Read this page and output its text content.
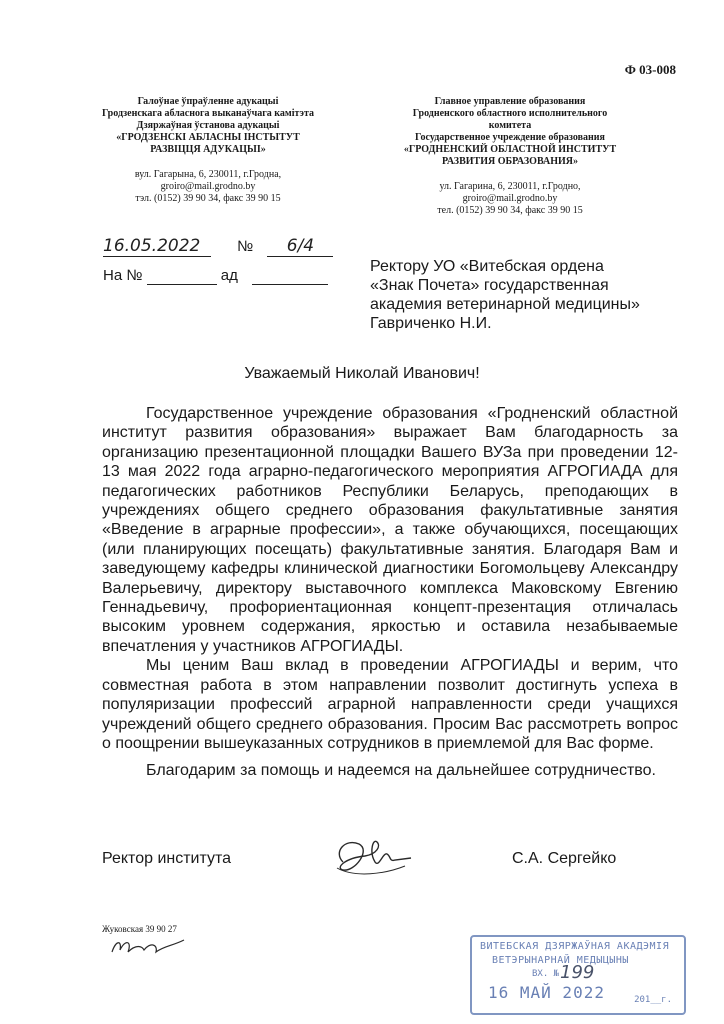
Ф 03-008
Галоўнае ўпраўленне адукацыі
Гродзенскага абласнога выканаўчага камітэта
Дзяржаўная ўстанова адукацыі
«ГРОДЗЕНСКІ АБЛАСНЫ ІНСТЫТУТ
РАЗВІЦЦЯ АДУКАЦЫІ»
вул. Гагарына, 6, 230011, г.Гродна,
groiro@mail.grodno.by
тэл. (0152) 39 90 34, факс 39 90 15
Главное управление образования
Гродненского областного исполнительного комитета
Государственное учреждение образования
«ГРОДНЕНСКИЙ ОБЛАСТНОЙ ИНСТИТУТ
РАЗВИТИЯ ОБРАЗОВАНИЯ»
ул. Гагарина, 6, 230011, г.Гродно,
groiro@mail.grodno.by
тел. (0152) 39 90 34, факс 39 90 15
16.05.2022 № 6/4
На №	ад
Ректору УО «Витебская ордена
«Знак Почета» государственная
академия ветеринарной медицины»
Гавриченко Н.И.
Уважаемый Николай Иванович!

Государственное учреждение образования «Гродненский областной институт развития образования» выражает Вам благодарность за организацию презентационной площадки Вашего ВУЗа при проведении 12-13 мая 2022 года аграрно-педагогического мероприятия АГРОГИАДА для педагогических работников Республики Беларусь, преподающих в учреждениях общего среднего образования факультативные занятия «Введение в аграрные профессии», а также обучающихся, посещающих (или планирующих посещать) факультативные занятия. Благодаря Вам и заведующему кафедры клинической диагностики Богомольцеву Александру Валерьевичу, директору выставочного комплекса Маковскому Евгению Геннадьевичу, профориентационная концепт-презентация отличалась высоким уровнем содержания, яркостью и оставила незабываемые впечатления у участников АГРОГИАДЫ.

Мы ценим Ваш вклад в проведении АГРОГИАДЫ и верим, что совместная работа в этом направлении позволит достигнуть успеха в популяризации профессий аграрной направленности среди учащихся учреждений общего среднего образования. Просим Вас рассмотреть вопрос о поощрении вышеуказанных сотрудников в приемлемой для Вас форме.

Благодарим за помощь и надеемся на дальнейшее сотрудничество.

Ректор института	С.А. Сергейко
Жуковская 39 90 27
ВИТЕБСКАЯ ДЗЯРЖАЎНАЯ АКАДЭМІЯ
ВЕТЭРЫНАРНАЙ МЕДЫЦЫНЫ
ВХ. № 199
16 МАЙ 2022	201__г.
